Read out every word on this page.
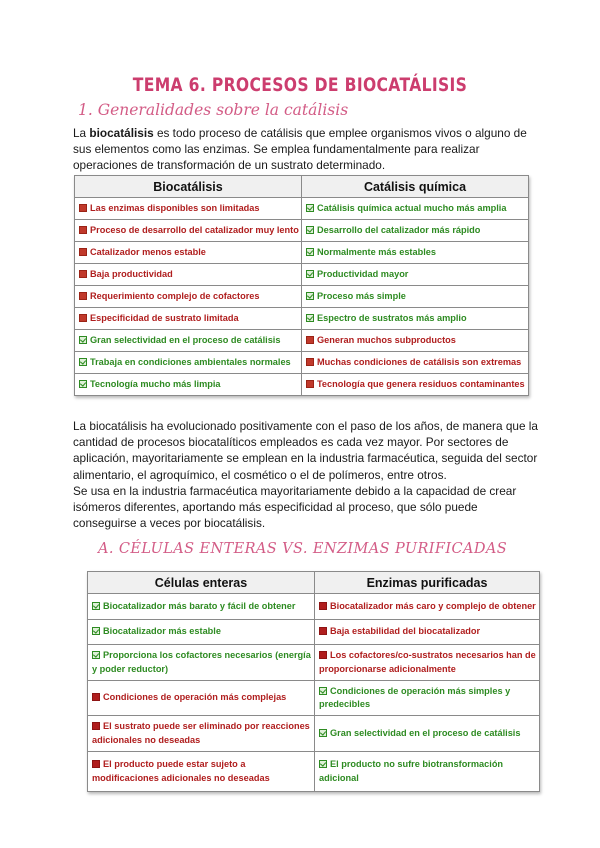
TEMA 6. PROCESOS DE BIOCATÁLISIS
1. Generalidades sobre la catálisis

La biocatálisis es todo proceso de catálisis que emplee organismos vivos o alguno de sus elementos como las enzimas. Se emplea fundamentalmente para realizar operaciones de transformación de un sustrato determinado.

Biocatálisis	Catálisis química
Las enzimas disponibles son limitadas	Catálisis química actual mucho más amplia
Proceso de desarrollo del catalizador muy lento	Desarrollo del catalizador más rápido
Catalizador menos estable	Normalmente más estables
Baja productividad	Productividad mayor
Requerimiento complejo de cofactores	Proceso más simple
Especificidad de sustrato limitada	Espectro de sustratos más amplio
Gran selectividad en el proceso de catálisis	Generan muchos subproductos
Trabaja en condiciones ambientales normales	Muchas condiciones de catálisis son extremas
Tecnología mucho más limpia	Tecnología que genera residuos contaminantes

La biocatálisis ha evolucionado positivamente con el paso de los años, de manera que la cantidad de procesos biocatalíticos empleados es cada vez mayor. Por sectores de aplicación, mayoritariamente se emplean en la industria farmacéutica, seguida del sector alimentario, el agroquímico, el cosmético o el de polímeros, entre otros.

Se usa en la industria farmacéutica mayoritariamente debido a la capacidad de crear isómeros diferentes, aportando más especificidad al proceso, que sólo puede conseguirse a veces por biocatálisis.

A. CÉLULAS ENTERAS VS. ENZIMAS PURIFICADAS
Células enteras	Enzimas purificadas
Biocatalizador más barato y fácil de obtener	Biocatalizador más caro y complejo de obtener
Biocatalizador más estable	Baja estabilidad del biocatalizador
Proporciona los cofactores necesarios (energía y poder reductor)	Los cofactores/co-sustratos necesarios han de proporcionarse adicionalmente
Condiciones de operación más complejas	Condiciones de operación más simples y predecibles
El sustrato puede ser eliminado por reacciones adicionales no deseadas	Gran selectividad en el proceso de catálisis
El producto puede estar sujeto a modificaciones adicionales no deseadas	El producto no sufre biotransformación adicional
